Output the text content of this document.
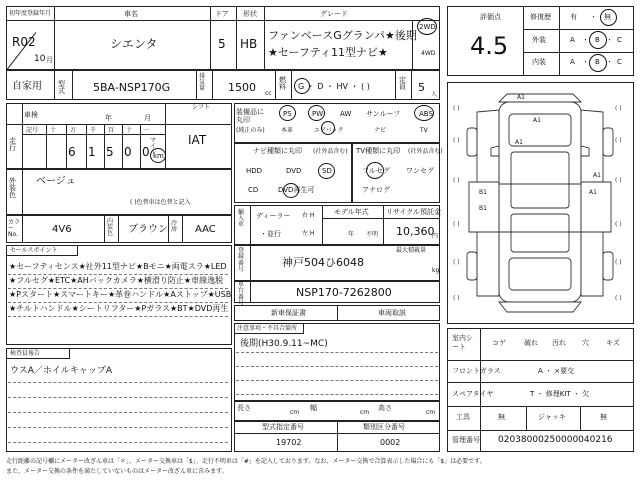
初年度登録年月
R02
10 月
車名
シエンタ
ドア
5
形状
HB
グレード
ファンベースGグランパ★後期
★セーフティ11型ナビ★
2WD
4WD
自家用 型式	5BA-NSP170G
排気量	1500 cc
燃料	G ・ D ・ HV ・ ( )
定員 5
人
車検	年	月
シフト
IAT
走行
記号 十 万 千 百 十 一
6 1 5 0 0
マイル
km
外装色
ベージュ
( )色替車は色替と記入
カラーNo.	4V6
内装色	ブラウン
冷房	AAC
セールスポイント
★セーフティセンス★社外11型ナビ★Bモニ★両電スラ★LED
★フルセグ★ETC★AHバックカメラ★横滑り防止★車線逸脱
★Pスタート★スマートキー★革巻ハンドル★Aストップ★USB
★チルトハンドル★シートリフター★Pガラス★BT★DVD再生
検査員報告
ウスA／ホイルキャップA
装備品に丸印
(純正のみ)
PS	PW AW サンルーフ	ABS
本革	エアバック	ナビ	TV
ナビ種類に丸印 (社外品含む)
HDD	DVD	SD
CD	DVD再生可
TV種類に丸印 (社外品含む)
フルセグ ワンセグ
アナログ
輸入車
ディーラー
・並行
右 H
左 H
モデル年式
年 不明
リサイクル預託金
10,360
円
登録番号
最大積載量
神戸504ひ6048
kg
車台番号
NSP170-7262800
新車保証書	車両取説
注意事項・不具合箇所
後期(H30.9.11~MC)
長さ
cm
幅
cm
高さ
cm
型式指定番号
19702
類別区分番号
0002
評価点
4.5
修復歴	有 ・ 無
外装	A ・ B ・ C
内装	A ・ B ・ C
( )
( )
( )
( )
( )
( )
( )
( )
( )
( )
( )
( )
A1
A1
A1
B1
B1
A1
A1
室内シート
コゲ	破れ 汚れ 穴 キズ
フロントガラス	A ・ ×要交
スペアタイヤ	T ・ 修理KIT ・ 欠
工具	無	ジャッキ	無
管理番号 02038000250000040216
走行距離の記号欄にメーター改ざん車は「＊」、メーター交換車は「$」、走行不明車は「#」を記入しております。なお、メーター交換で合算表示した場合にも「$」は必要です。
また、メーター交換の条件を満たしていないものはメーター改ざん車に含みます。
